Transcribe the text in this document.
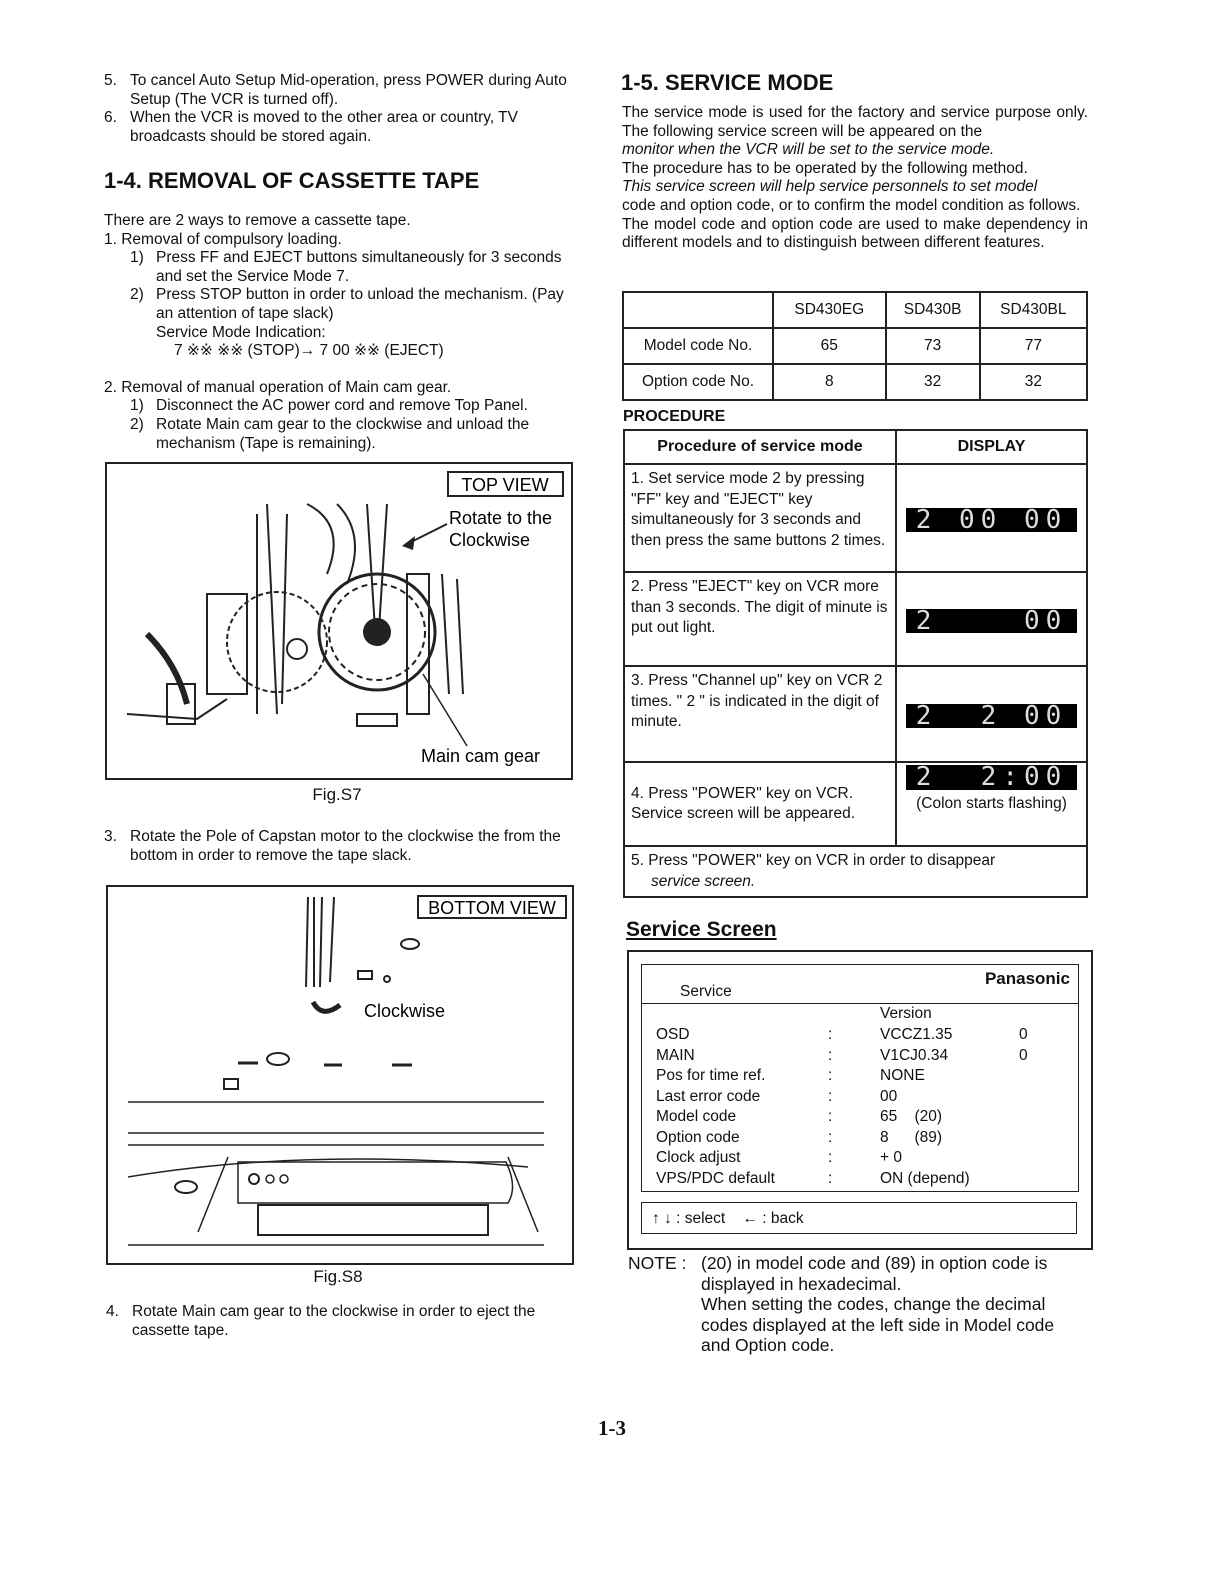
5. To cancel Auto Setup Mid-operation, press POWER during Auto Setup (The VCR is turned off).
6. When the VCR is moved to the other area or country, TV broadcasts should be stored again.
1-4. REMOVAL OF CASSETTE TAPE
There are 2 ways to remove a cassette tape.
1. Removal of compulsory loading.
1) Press FF and EJECT buttons simultaneously for 3 seconds and set the Service Mode 7.
2) Press STOP button in order to unload the mechanism. (Pay an attention of tape slack)
Service Mode Indication:
7 ※※ ※※ (STOP)→ 7 00 ※※ (EJECT)
2. Removal of manual operation of Main cam gear.
1) Disconnect the AC power cord and remove Top Panel.
2) Rotate Main cam gear to the clockwise and unload the mechanism (Tape is remaining).
TOP VIEW
Rotate to the
Clockwise
Main cam gear
Fig.S7
3. Rotate the Pole of Capstan motor to the clockwise the from the bottom in order to remove the tape slack.
BOTTOM VIEW
Clockwise
Fig.S8
4. Rotate Main cam gear to the clockwise in order to eject the cassette tape.
1-5. SERVICE MODE
The service mode is used for the factory and service purpose only. The following service screen will be appeared on the
monitor when the VCR will be set to the service mode.
The procedure has to be operated by the following method.
This service screen will help service personnels to set model
code and option code, or to confirm the model condition as follows.
The model code and option code are used to make dependency in different models and to distinguish between different features.
	SD430EG	SD430B	SD430BL
Model code No.	65	73	77
Option code No.	8	32	32
PROCEDURE
Procedure of service mode	DISPLAY
1. Set service mode 2 by pressing "FF" key and "EJECT" key simultaneously for 3 seconds and then press the same buttons 2 times.	2 00 00
2. Press "EJECT" key on VCR more than 3 seconds. The digit of minute is put out light.	2    00
3. Press "Channel up" key on VCR 2 times. " 2 " is indicated in the digit of minute.	2  2 00
4. Press "POWER" key on VCR. Service screen will be appeared.	2  2:00
(Colon starts flashing)

5. Press "POWER" key on VCR in order to disappear
service screen.	
Service Screen
Panasonic
Service
Version
OSD	:	VCCZ1.35	0
MAIN	:	V1CJ0.34	0
Pos for time ref.	:	NONE
Last error code	:	00
Model code	:	65    (20)
Option code	:	8      (89)
Clock adjust	:	+ 0
VPS/PDC default	:	ON (depend)
↑ ↓ : select    ← : back
NOTE : (20) in model code and (89) in option code is
displayed in hexadecimal.
When setting the codes, change the decimal
codes displayed at the left side in Model code
and Option code.
1-3
